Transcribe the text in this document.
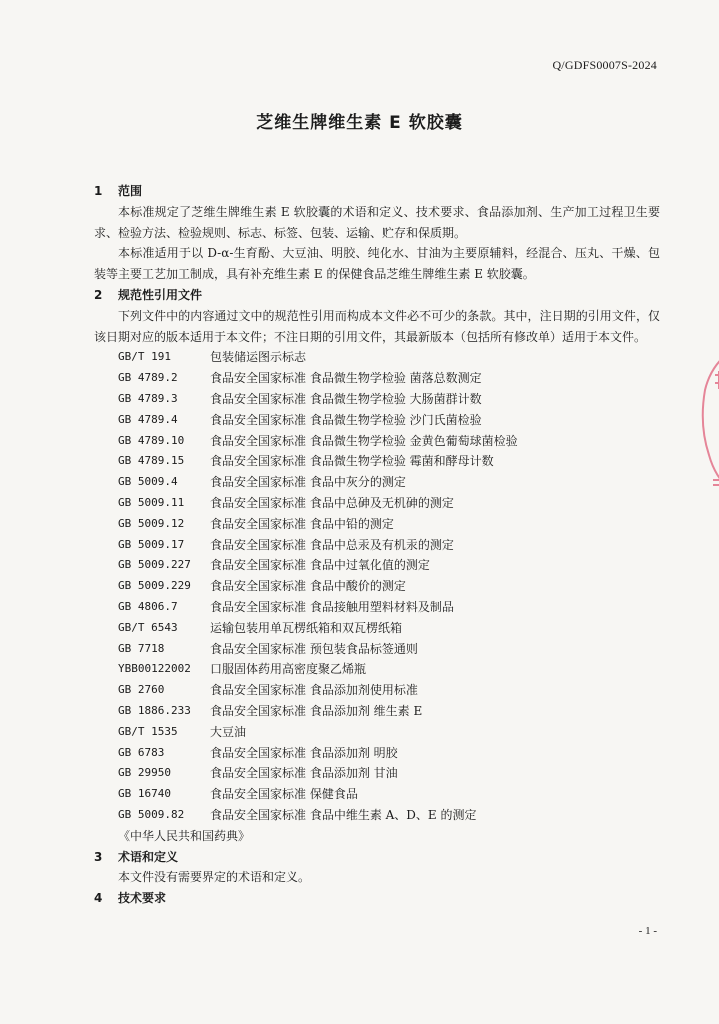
Q/GDFS0007S-2024
芝维生牌维生素 E 软胶囊
1	范围

本标准规定了芝维生牌维生素 E 软胶囊的术语和定义、技术要求、食品添加剂、生产加工过程卫生要求、检验方法、检验规则、标志、标签、包装、运输、贮存和保质期。

本标准适用于以 D-α-生育酚、大豆油、明胶、纯化水、甘油为主要原辅料，经混合、压丸、干燥、包装等主要工艺加工制成，具有补充维生素 E 的保健食品芝维生牌维生素 E 软胶囊。

2	规范性引用文件

下列文件中的内容通过文中的规范性引用而构成本文件必不可少的条款。其中，注日期的引用文件，仅该日期对应的版本适用于本文件；不注日期的引用文件，其最新版本（包括所有修改单）适用于本文件。

GB/T 191	包装储运图示标志
GB 4789.2	食品安全国家标准 食品微生物学检验 菌落总数测定
GB 4789.3	食品安全国家标准 食品微生物学检验 大肠菌群计数
GB 4789.4	食品安全国家标准 食品微生物学检验 沙门氏菌检验
GB 4789.10	食品安全国家标准 食品微生物学检验 金黄色葡萄球菌检验
GB 4789.15	食品安全国家标准 食品微生物学检验 霉菌和酵母计数
GB 5009.4	食品安全国家标准 食品中灰分的测定
GB 5009.11	食品安全国家标准 食品中总砷及无机砷的测定
GB 5009.12	食品安全国家标准 食品中铅的测定
GB 5009.17	食品安全国家标准 食品中总汞及有机汞的测定
GB 5009.227	食品安全国家标准 食品中过氧化值的测定
GB 5009.229	食品安全国家标准 食品中酸价的测定
GB 4806.7	食品安全国家标准 食品接触用塑料材料及制品
GB/T 6543	运输包装用单瓦楞纸箱和双瓦楞纸箱
GB 7718	食品安全国家标准 预包装食品标签通则
YBB00122002	口服固体药用高密度聚乙烯瓶
GB 2760	食品安全国家标准 食品添加剂使用标准
GB 1886.233	食品安全国家标准 食品添加剂 维生素 E
GB/T 1535	大豆油
GB 6783	食品安全国家标准 食品添加剂 明胶
GB 29950	食品安全国家标准 食品添加剂 甘油
GB 16740	食品安全国家标准 保健食品
GB 5009.82	食品安全国家标准 食品中维生素 A、D、E 的测定
《中华人民共和国药典》
3	术语和定义

本文件没有需要界定的术语和定义。

4	技术要求
- 1 -
